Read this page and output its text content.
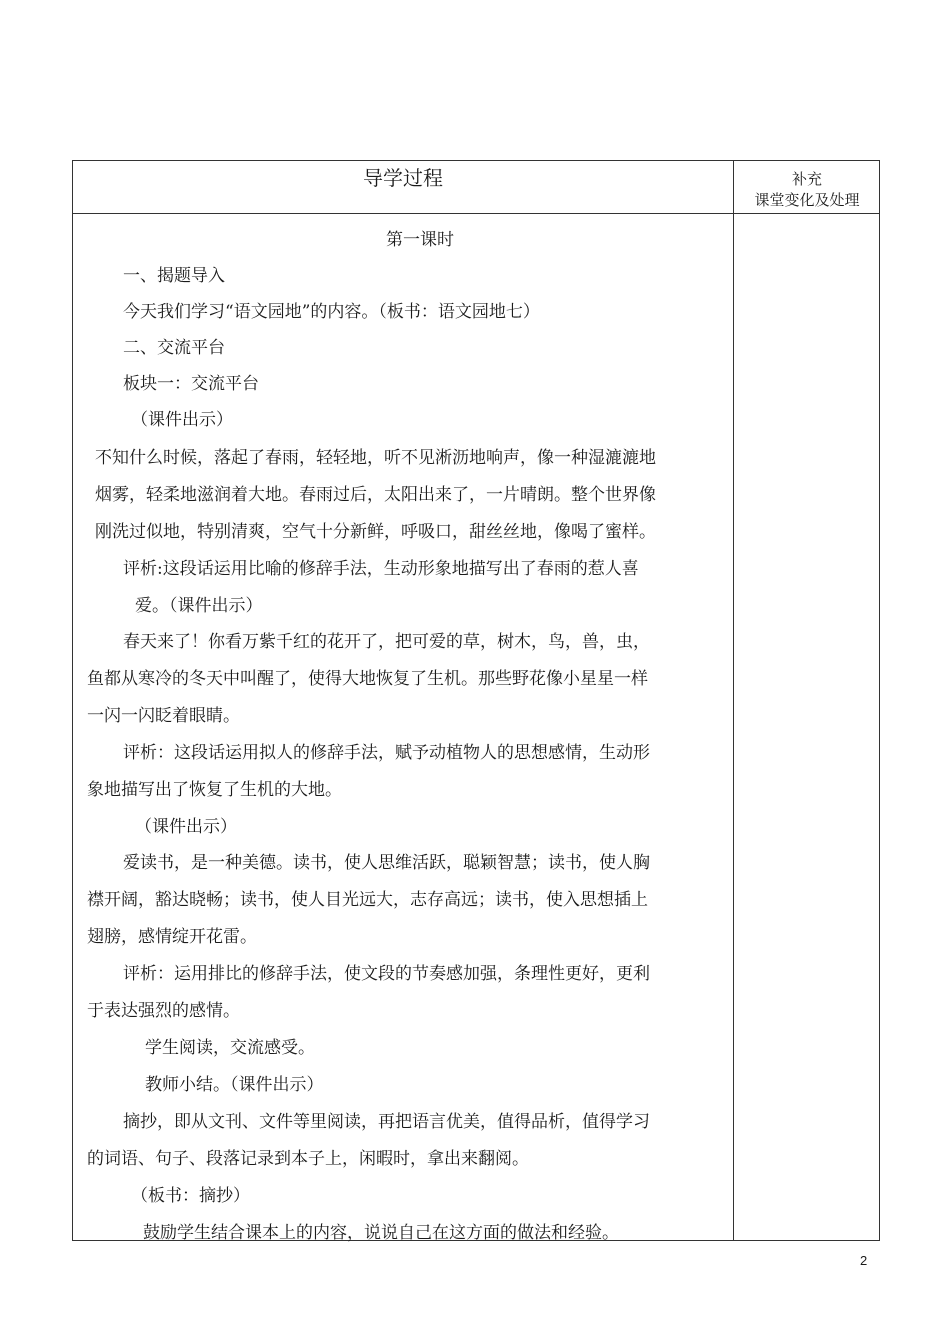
导学过程	补充
课堂变化及处理
第一课时
一、揭题导入
今天我们学习“语文园地”的内容。（板书：语文园地七）
二、交流平台
板块一：交流平台
（课件出示）
不知什么时候，落起了春雨，轻轻地，听不见淅沥地响声，像一种湿漉漉地
烟雾，轻柔地滋润着大地。春雨过后，太阳出来了，一片晴朗。整个世界像
刚洗过似地，特别清爽，空气十分新鲜，呼吸口，甜丝丝地，像喝了蜜样。
评析:这段话运用比喻的修辞手法，生动形象地描写出了春雨的惹人喜
爱。（课件出示）
春天来了！你看万紫千红的花开了，把可爱的草，树木，鸟，兽，虫，
鱼都从寒冷的冬天中叫醒了，使得大地恢复了生机。那些野花像小星星一样
一闪一闪眨着眼睛。
评析：这段话运用拟人的修辞手法，赋予动植物人的思想感情，生动形
象地描写出了恢复了生机的大地。
（课件出示）
爱读书，是一种美德。读书，使人思维活跃，聪颖智慧；读书，使人胸
襟开阔，豁达晓畅；读书，使人目光远大，志存高远；读书，使入思想插上
翅膀，感情绽开花雷。
评析：运用排比的修辞手法，使文段的节奏感加强，条理性更好，更利
于表达强烈的感情。
学生阅读，交流感受。
教师小结。（课件出示）
摘抄，即从文刊、文件等里阅读，再把语言优美，值得品析，值得学习
的词语、句子、段落记录到本子上，闲暇时，拿出来翻阅。
（板书：摘抄）
鼓励学生结合课本上的内容，说说自己在这方面的做法和经验。
2
